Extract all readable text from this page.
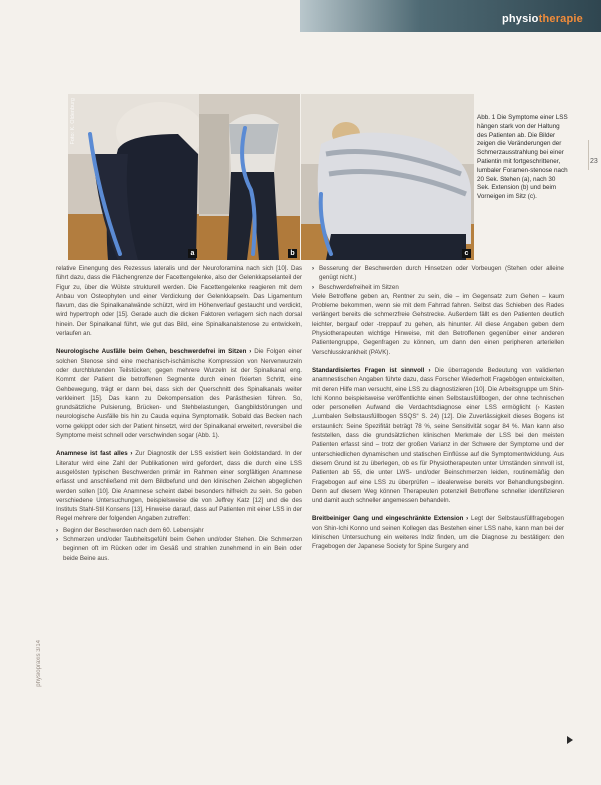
physiotherapie
23
Foto: K. Oldenburg
a	b	c
Abb. 1 Die Symptome einer LSS hängen stark von der Haltung des Patienten ab. Die Bilder zeigen die Veränderungen der Schmerzausstrahlung bei einer Patientin mit fortgeschrittener, lumbaler Foramen-stenose nach 20 Sek. Stehen (a), nach 30 Sek. Extension (b) und beim Vorneigen im Sitz (c).

relative Einengung des Rezessus lateralis und der Neuroforamina nach sich [10]. Das führt dazu, dass die Flächengrenze der Facettengelenke, also der Gelenkkapselanteil der Figur zu, über die Wülste strukturell werden. Die Facettengelenke reagieren mit dem Anbau von Osteophyten und einer Verdickung der Gelenkkapseln. Das Ligamentum flavum, das die Spinalkanalwände schützt, wird im Höhenverlauf gestaucht und verdickt, wird hypertroph oder [15]. Gerade auch die dicken Faktoren verlagern sich nach dorsal hinein. Der Spinalkanal führt, wie gut das Bild, eine Spinalkanalstenose zu entwickeln, verlaufen an.

Neurologische Ausfälle beim Gehen, beschwerdefrei im Sitzen › Die Folgen einer solchen Stenose sind eine mechanisch-ischämische Kompression von Nervenwurzeln oder durchblutenden Teilstücken; gegen mehrere Wurzeln ist der Spinalkanal eng. Kommt der Patient die betroffenen Segmente durch einen fixierten Schritt, eine Gehbewegung, trägt er dann bei, dass sich der Querschnitt des Spinalkanals weiter verkleinert [15]. Das kann zu Dekompensation des Parästhesien führen. So, grundsätzliche Pulsierung, Brücken- und Stehbelastungen, Gangbildstörungen und neurologische Ausfälle bis hin zu Cauda equina Symptomatik. Sobald das Becken nach vorne gekippt oder sich der Patient hinsetzt, wird der Spinalkanal erweitert, reversibel die Symptome meist schnell oder verschwinden sogar (Abb. 1).

Anamnese ist fast alles › Zur Diagnostik der LSS existiert kein Goldstandard. In der Literatur wird eine Zahl der Publikationen wird gefordert, dass die durch eine LSS ausgelösten typischen Beschwerden primär im Rahmen einer sorgfältigen Anamnese erfasst und anschließend mit dem Bildbefund und den klinischen Zeichen abgeglichen werden sollen [10]. Die Anamnese scheint dabei besonders hilfreich zu sein. So geben verschiedene Untersuchungen, beispielsweise die von Jeffrey Katz [12] und die des Instituts Stahl-Stil Konsens [13], Hinweise darauf, dass auf Patienten mit einer LSS in der Regel mehrere der folgenden Angaben zutreffen:

› Beginn der Beschwerden nach dem 60. Lebensjahr
› Schmerzen und/oder Taubheitsgefühl beim Gehen und/oder Stehen. Die Schmerzen beginnen oft im Rücken oder im Gesäß und strahlen zunehmend in ein Bein oder beide Beine aus.
› Besserung der Beschwerden durch Hinsetzen oder Vorbeugen (Stehen oder alleine genügt nicht.)
› Beschwerdefreiheit im Sitzen

Viele Betroffene geben an, Rentner zu sein, die – im Gegensatz zum Gehen – kaum Probleme bekommen, wenn sie mit dem Fahrrad fahren. Selbst das Schieben des Rades verlängert bereits die schmerzfreie Gehstrecke. Außerdem fällt es den Patienten deutlich leichter, bergauf oder -treppauf zu gehen, als hinunter. All diese Angaben geben dem Physiotherapeuten wichtige Hinweise, mit den Betroffenen gegenüber einer anderen Patientengruppe, Gegenfragen zu können, um dann den einen peripheren arteriellen Verschlusskrankheit (PAVK).

Standardisiertes Fragen ist sinnvoll › Die überragende Bedeutung von validierten anamnestischen Angaben führte dazu, dass Forscher Wiederholt Fragebögen entwickelten, mit deren Hilfe man versucht, eine LSS zu diagnostizieren [10]. Die Arbeitsgruppe um Shin-Ichi Konno beispielsweise veröffentlichte einen Selbstausfüllbogen, der ohne technischen oder personellen Aufwand die Verdachtsdiagnose einer LSS ermöglicht (› Kasten „Lumbalen Selbstausfüllbogen SSQS“ S. 24) [12]. Die Zuverlässigkeit dieses Bogens ist erstaunlich: Seine Spezifität beträgt 78 %, seine Sensitivität sogar 84 %. Man kann also feststellen, dass die grundsätzlichen klinischen Merkmale der LSS bei den meisten Patienten erfasst sind – trotz der großen Varianz in der Schwere der Symptome und der unterschiedlichen dynamischen und statischen Einflüsse auf die Symptomentwicklung. Aus diesem Grund ist zu überlegen, ob es für Physiotherapeuten unter Umständen sinnvoll ist, Patienten ab 55, die unter LWS- und/oder Beinschmerzen leiden, routinemäßig den Fragebogen auf eine LSS zu überprüfen – idealerweise bereits vor Behandlungsbeginn. Denn auf diesem Weg können Therapeuten potenziell Betroffene schneller identifizieren und damit auch schneller angemessen behandeln.

Breitbeiniger Gang und eingeschränkte Extension › Legt der Selbstausfüllfragebogen von Shin-Ichi Konno und seinen Kollegen das Bestehen einer LSS nahe, kann man bei der klinischen Untersuchung ein weiteres Indiz finden, um die Diagnose zu bestätigen: den Fragebogen der Japanese Society for Spine Surgery and

physiopraxis 3/14
